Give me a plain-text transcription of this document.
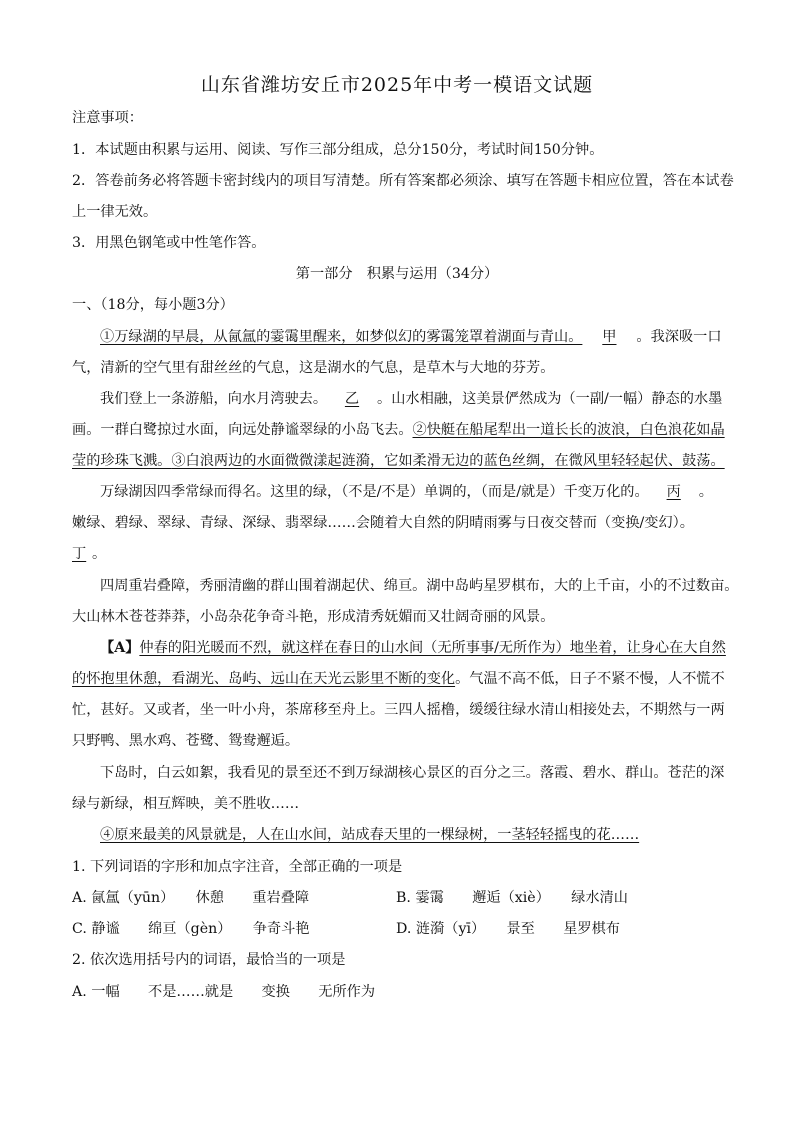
山东省潍坊安丘市2025年中考一模语文试题
注意事项：
1．本试题由积累与运用、阅读、写作三部分组成，总分150分，考试时间150分钟。
2．答卷前务必将答题卡密封线内的项目写清楚。所有答案都必须涂、填写在答题卡相应位置，答在本试卷
上一律无效。
3．用黑色钢笔或中性笔作答。
第一部分　积累与运用（34分）
一、（18分，每小题3分）
①万绿湖的早晨，从氤氲的霎霭里醒来，如梦似幻的雾霭笼罩着湖面与青山。 甲 。我深吸一口
气，清新的空气里有甜丝丝的气息，这是湖水的气息，是草木与大地的芬芳。
我们登上一条游船，向水月湾驶去。 乙 。山水相融，这美景俨然成为（一副/一幅）静态的水墨
画。一群白鹭掠过水面，向远处静谧翠绿的小岛飞去。②快艇在船尾犁出一道长长的波浪，白色浪花如晶
莹的珍珠飞溅。③白浪两边的水面微微漾起涟漪，它如柔滑无边的蓝色丝绸，在微风里轻轻起伏、鼓荡。
万绿湖因四季常绿而得名。这里的绿，（不是/不是）单调的，（而是/就是）千变万化的。 丙 。
嫩绿、碧绿、翠绿、青绿、深绿、翡翠绿……会随着大自然的阴晴雨雾与日夜交替而（变换/变幻）。
丁 。
四周重岩叠障，秀丽清幽的群山围着湖起伏、绵亘。湖中岛屿星罗棋布，大的上千亩，小的不过数亩。
大山林木苍苍莽莽，小岛杂花争奇斗艳，形成清秀妩媚而又壮阔奇丽的风景。
【A】仲春的阳光暖而不烈，就这样在春日的山水间（无所事事/无所作为）地坐着，让身心在大自然
的怀抱里休憩，看湖光、岛屿、远山在天光云影里不断的变化。气温不高不低，日子不紧不慢，人不慌不
忙，甚好。又或者，坐一叶小舟，茶席移至舟上。三四人摇橹，缓缓往绿水清山相接处去，不期然与一两
只野鸭、黑水鸡、苍鹭、鸳鸯邂逅。
下岛时，白云如絮，我看见的景至还不到万绿湖核心景区的百分之三。落霞、碧水、群山。苍茫的深
绿与新绿，相互辉映，美不胜收……
④原来最美的风景就是，人在山水间，站成春天里的一棵绿树，一茎轻轻摇曳的花……
1. 下列词语的字形和加点字注音，全部正确的一项是
A. 氤氲（yūn）　　休憩　　重岩叠障	B. 霎霭　　邂逅（xiè）　　绿水清山
C. 静谧　　绵亘（gèn）　　争奇斗艳	D. 涟漪（yī）　　景至　　星罗棋布
2. 依次选用括号内的词语，最恰当的一项是
A. 一幅　　不是……就是　　变换　　无所作为
